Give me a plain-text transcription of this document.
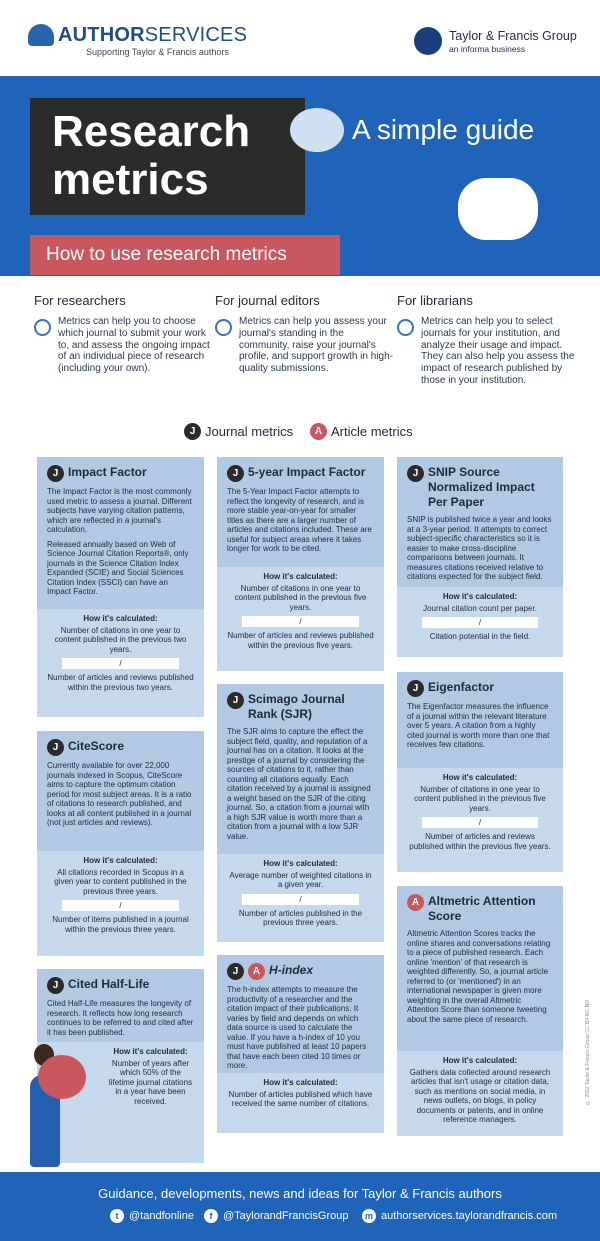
AUTHORSERVICES
Supporting Taylor & Francis authors
Taylor & Francis Group
an informa business
Research
metrics
A simple guide
How to use research metrics
For researchers

Metrics can help you to choose which journal to submit your work to, and assess the ongoing impact of an individual piece of research (including your own).

For journal editors

Metrics can help you assess your journal's standing in the community, raise your journal's profile, and support growth in high-quality submissions.

For librarians

Metrics can help you to select journals for your institution, and analyze their usage and impact. They can also help you assess the impact of research published by those in your institution.

J Journal metrics	A Article metrics
J Impact Factor
The Impact Factor is the most commonly used metric to assess a journal. Different subjects have varying citation patterns, which are reflected in a journal's calculation.
Released annually based on Web of Science Journal Citation Reports®, only journals in the Science Citation Index Expanded (SCIE) and Social Sciences Citation Index (SSCI) can have an Impact Factor.
How it's calculated:
Number of citations in one year to content published in the previous two years.
/
Number of articles and reviews published within the previous two years.
J CiteScore
Currently available for over 22,000 journals indexed in Scopus, CiteScore aims to capture the optimum citation period for most subject areas. It is a ratio of citations to research published, and looks at all content published in a journal (not just articles and reviews).
How it's calculated:
All citations recorded in Scopus in a given year to content published in the previous three years.
/
Number of items published in a journal within the previous three years.
J Cited Half-Life
Cited Half-Life measures the longevity of research. It reflects how long research continues to be referred to and cited after it has been published.
How it's calculated:
Number of years after which 50% of the lifetime journal citations in a year have been received.
J 5-year Impact Factor
The 5-Year Impact Factor attempts to reflect the longevity of research, and is more stable year-on-year for smaller titles as there are a larger number of articles and citations included. These are useful for subject areas where it takes longer for work to be cited.
How it's calculated:
Number of citations in one year to content published in the previous five years.
/
Number of articles and reviews published within the previous five years.
J Scimago Journal Rank (SJR)
The SJR aims to capture the effect the subject field, quality, and reputation of a journal has on a citation. It looks at the prestige of a journal by considering the sources of citations to it, rather than counting all citations equally. Each citation received by a journal is assigned a weight based on the SJR of the citing journal. So, a citation from a journal with a high SJR value is worth more than a citation from a journal with a low SJR value.
How it's calculated:
Average number of weighted citations in a given year.
/
Number of articles published in the previous three years.
J	A H-index
The h-index attempts to measure the productivity of a researcher and the citation impact of their publications. It varies by field and depends on which data source is used to calculate the value. If you have a h-index of 10 you must have published at least 10 papers that have each been cited 10 times or more.
How it's calculated:
Number of articles published which have received the same number of citations.
J SNIP Source Normalized Impact Per Paper
SNIP is published twice a year and looks at a 3-year period. It attempts to correct subject-specific characteristics so it is easier to make cross-discipline comparisons between journals. It measures citations received relative to citations expected for the subject field.
How it's calculated:
Journal citation count per paper.
/
Citation potential in the field.
J Eigenfactor
The Eigenfactor measures the influence of a journal within the relevant literature over 5 years. A citation from a highly cited journal is worth more than one that receives few citations.
How it's calculated:
Number of citations in one year to content published in the previous five years.
/
Number of articles and reviews published within the previous five years.
A Altmetric Attention Score
Altmetric Attention Scores tracks the online shares and conversations relating to a piece of published research. Each online 'mention' of that research is weighted differently. So, a journal article referred to (or 'mentioned') in an international newspaper is given more weighting in the overall Altmetric Attention Score than someone tweeting about the same piece of research.
How it's calculated:
Gathers data collected around research articles that isn't usage or citation data, such as mentions on social media, in news outlets, on blogs, in policy documents or patents, and in online reference managers.
© 2022 Taylor & Francis Group CC BY-NC-ND
Guidance, developments, news and ideas for Taylor & Francis authors
t @tandfonline	f @TaylorandFrancisGroup	m authorservices.taylorandfrancis.com
